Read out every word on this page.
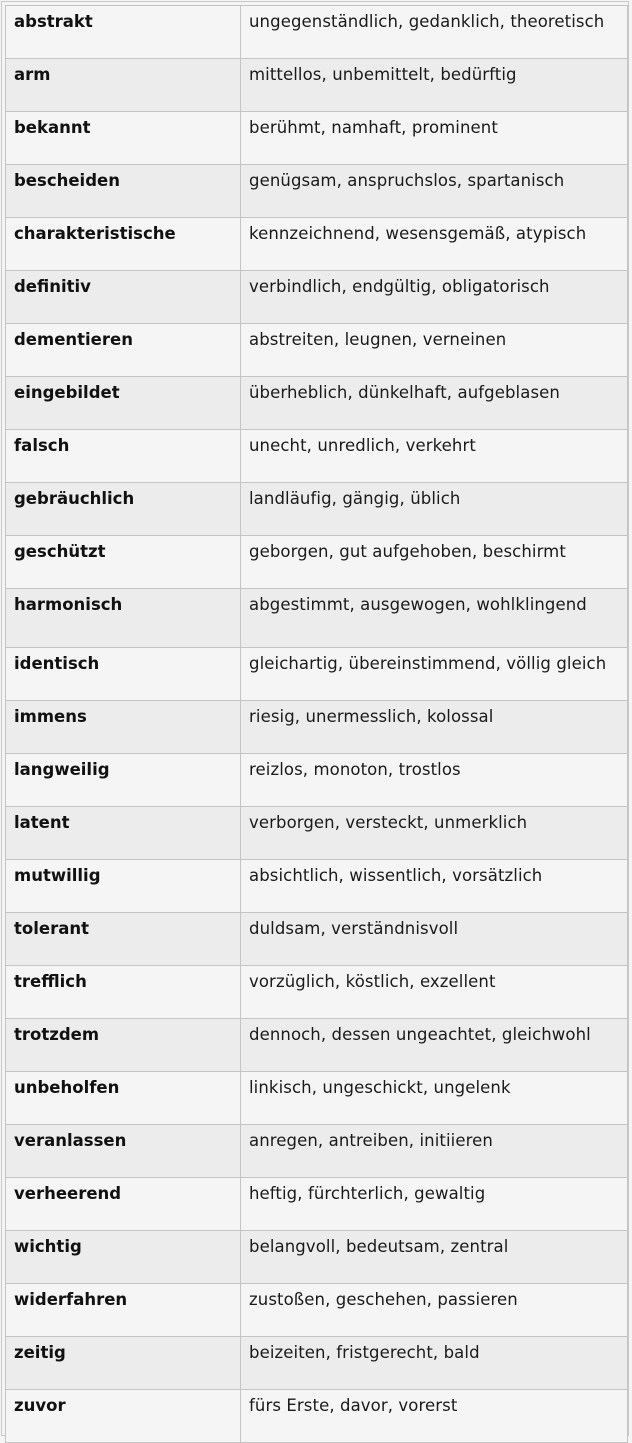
abstrakt	ungegenständlich, gedanklich, theoretisch
arm	mittellos, unbemittelt, bedürftig
bekannt	berühmt, namhaft, prominent
bescheiden	genügsam, anspruchslos, spartanisch
charakteristische	kennzeichnend, wesensgemäß, atypisch
definitiv	verbindlich, endgültig, obligatorisch
dementieren	abstreiten, leugnen, verneinen
eingebildet	überheblich, dünkelhaft, aufgeblasen
falsch	unecht, unredlich, verkehrt
gebräuchlich	landläufig, gängig, üblich
geschützt	geborgen, gut aufgehoben, beschirmt
harmonisch	abgestimmt, ausgewogen, wohlklingend
identisch	gleichartig, übereinstimmend, völlig gleich
immens	riesig, unermesslich, kolossal
langweilig	reizlos, monoton, trostlos
latent	verborgen, versteckt, unmerklich
mutwillig	absichtlich, wissentlich, vorsätzlich
tolerant	duldsam, verständnisvoll
trefflich	vorzüglich, köstlich, exzellent
trotzdem	dennoch, dessen ungeachtet, gleichwohl
unbeholfen	linkisch, ungeschickt, ungelenk
veranlassen	anregen, antreiben, initiieren
verheerend	heftig, fürchterlich, gewaltig
wichtig	belangvoll, bedeutsam, zentral
widerfahren	zustoßen, geschehen, passieren
zeitig	beizeiten, fristgerecht, bald
zuvor	fürs Erste, davor, vorerst
